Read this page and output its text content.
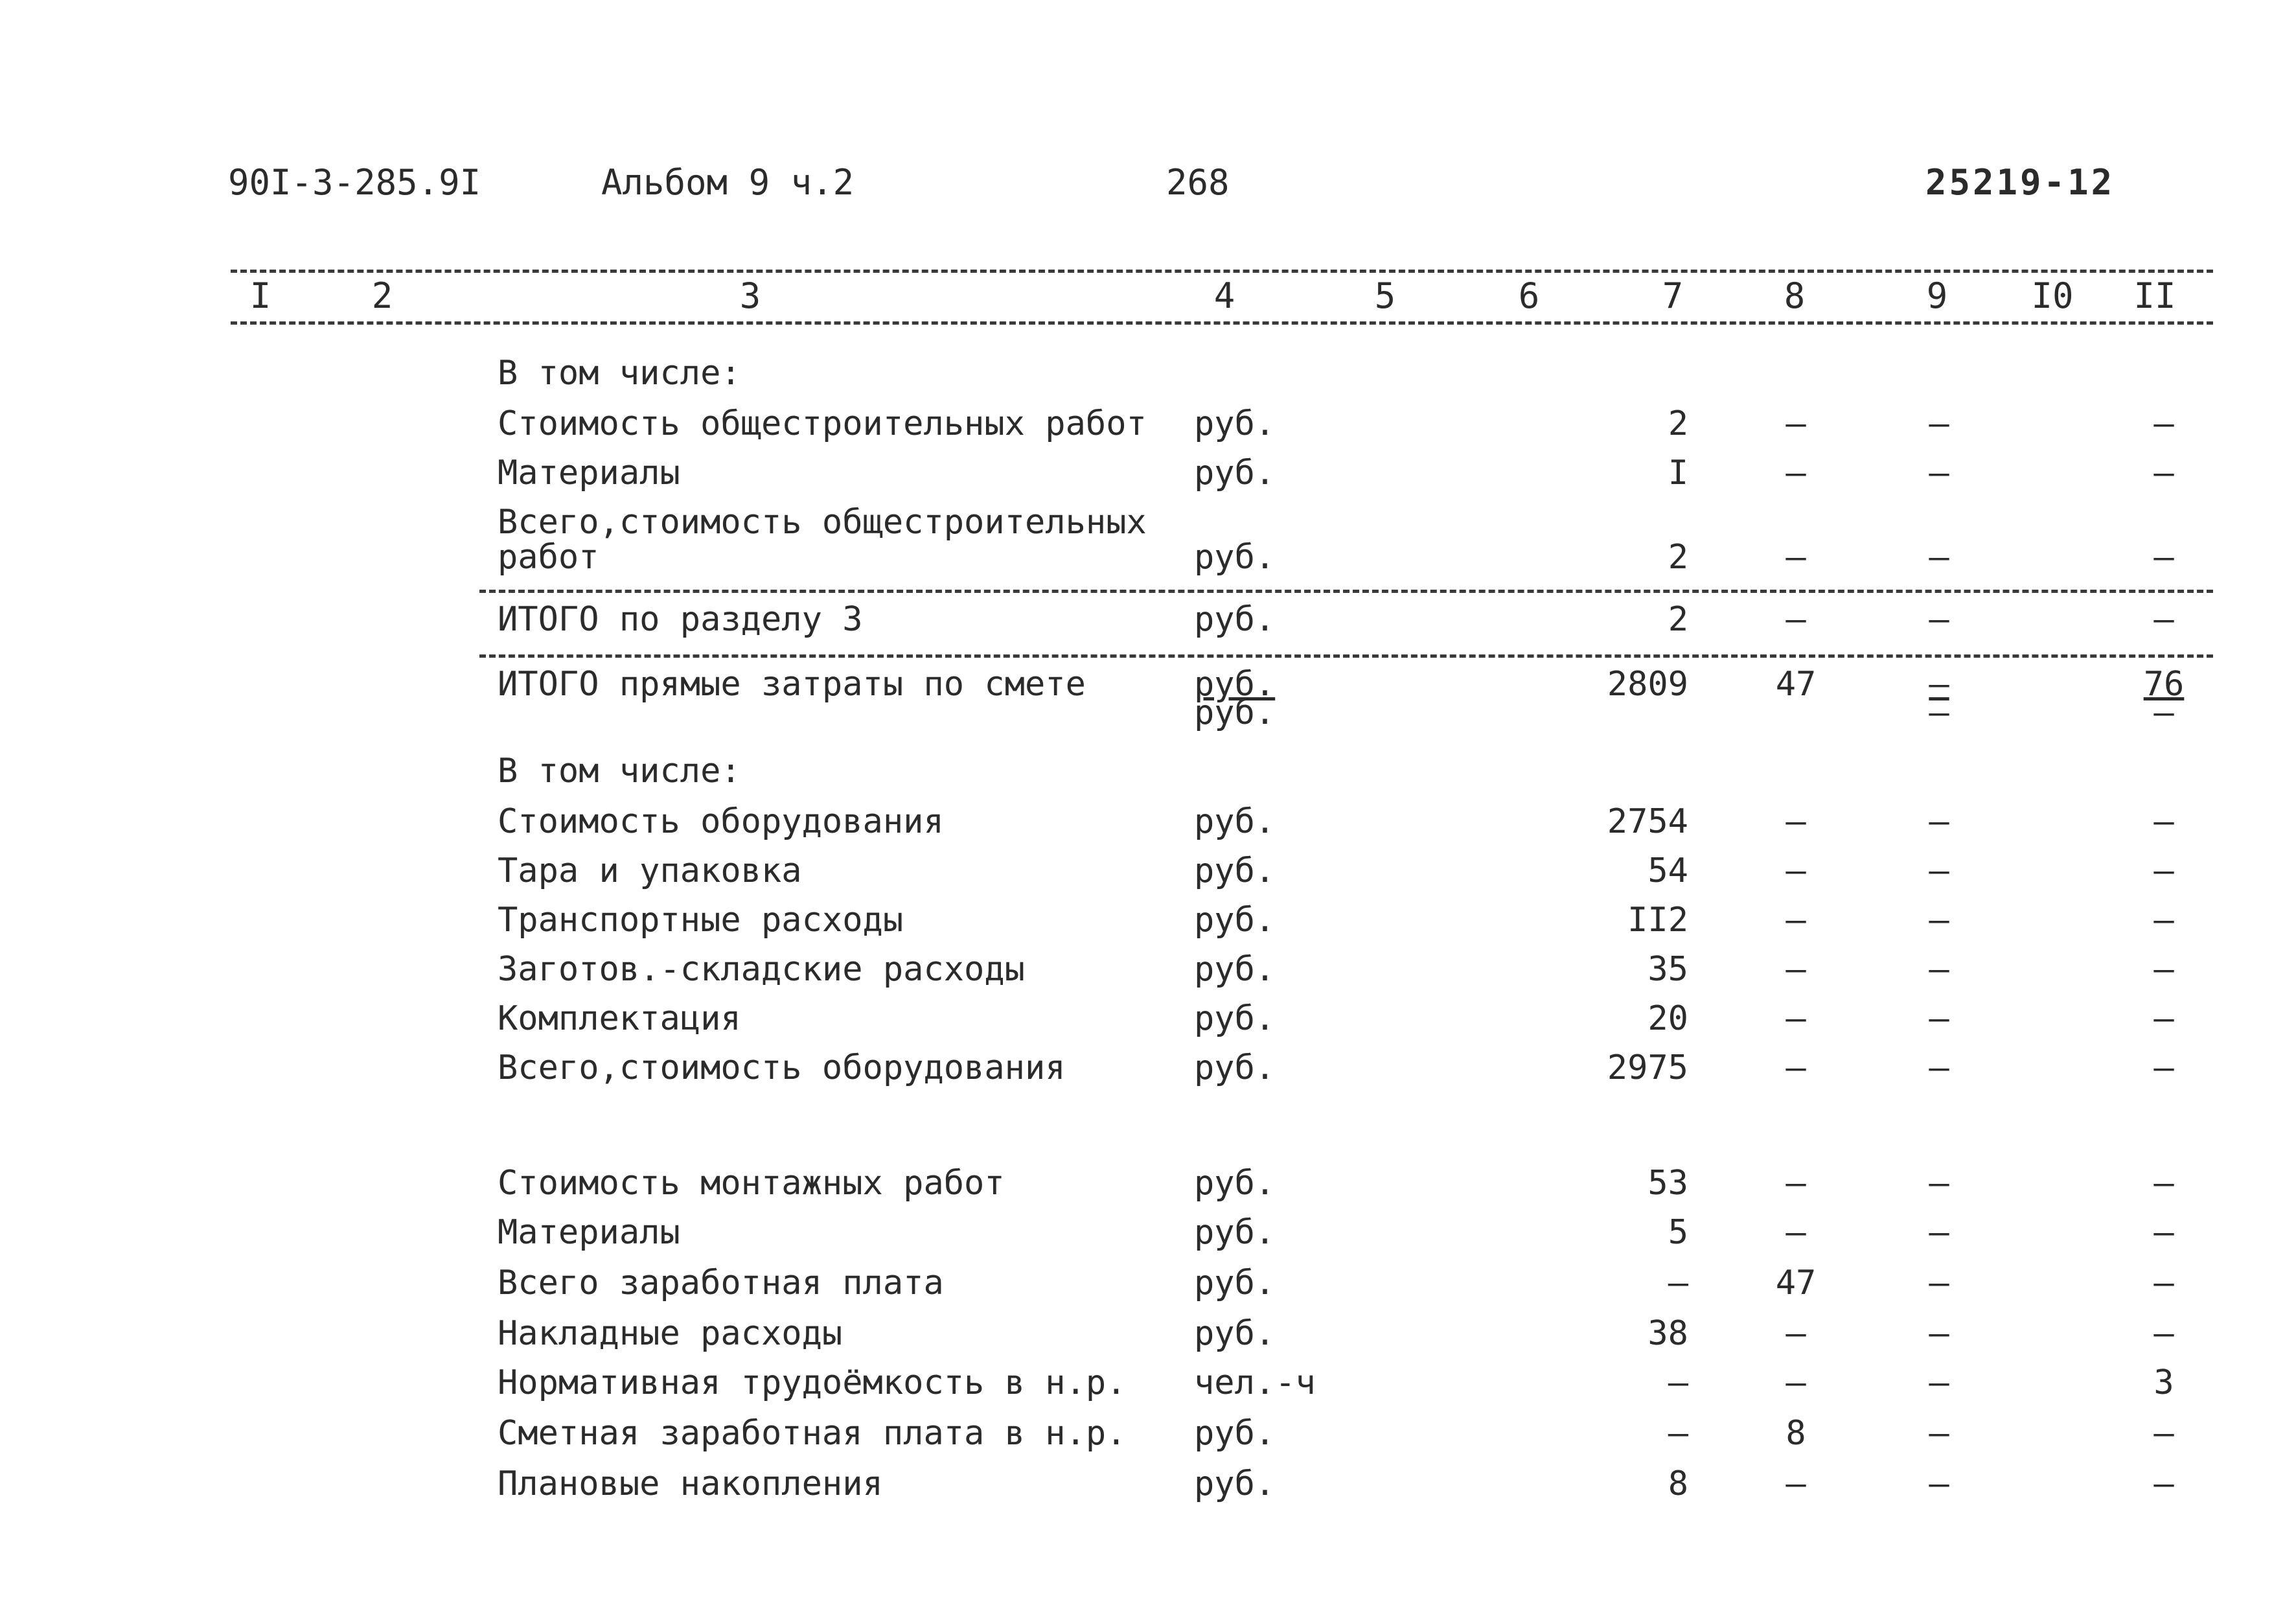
90I-3-285.9I	Альбом 9 ч.2	268	25219-12
I	2	3	4	5	6	7	8	9 I0 II
В том числе:
Стоимость общестроительных работ руб.	2	–	–	–
Материалы	руб.	I	–	–	–
Всего,стоимость общестроительных
работ	руб.	2	–	–	–
ИТОГО по разделу 3	руб.	2	–	–	–
ИТОГО прямые затраты по смете	руб.	2809	47	–	76
руб.	–	–
В том числе:
Стоимость оборудования	руб.	2754	–	–	–
Тара и упаковка	руб.	54	–	–	–
Транспортные расходы	руб.	II2	–	–	–
Заготов.-складские расходы	руб.	35	–	–	–
Комплектация	руб.	20	–	–	–
Всего,стоимость оборудования	руб.	2975	–	–	–
Стоимость монтажных работ	руб.	53	–	–	–
Материалы	руб.	5	–	–	–
Всего заработная плата	руб.	–	47	–	–
Накладные расходы	руб.	38	–	–	–
Нормативная трудоёмкость в н.р. чел.-ч	–	–	–	3
Сметная заработная плата в н.р. руб.	–	8	–	–
Плановые накопления	руб.	8	–	–	–
